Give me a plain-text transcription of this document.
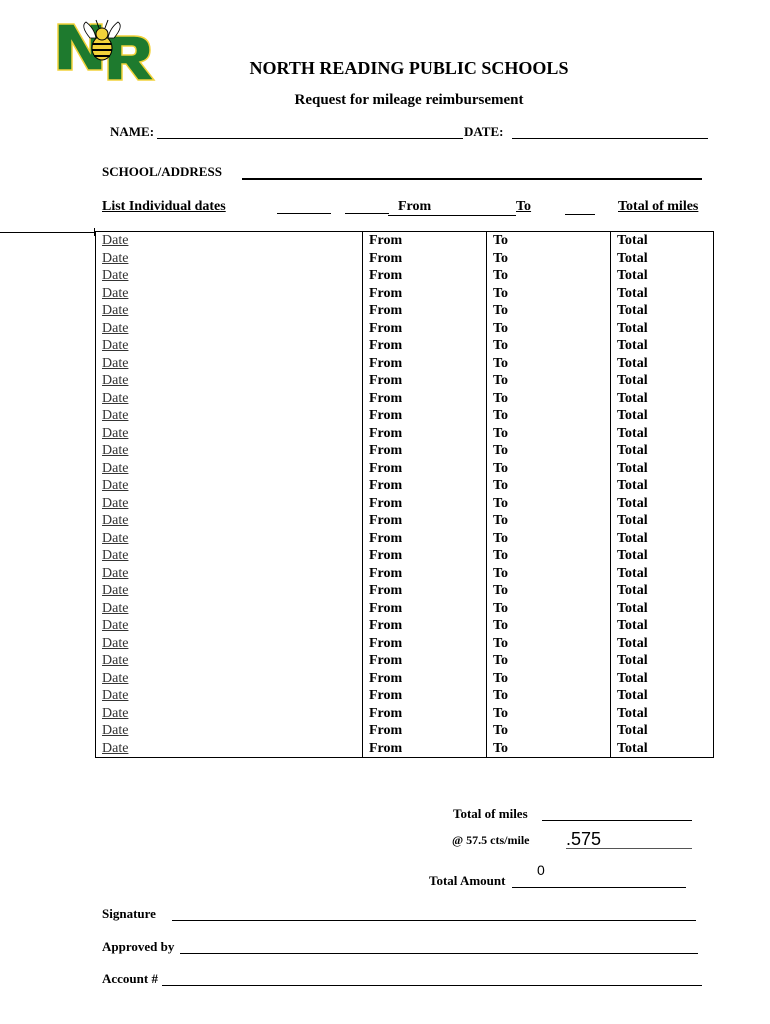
NORTH READING PUBLIC SCHOOLS
Request for mileage reimbursement
NAME:	DATE:
SCHOOL/ADDRESS
List Individual dates	From	To	Total of miles
Date	From	To	Total
Date	From	To	Total
Date	From	To	Total
Date	From	To	Total
Date	From	To	Total
Date	From	To	Total
Date	From	To	Total
Date	From	To	Total
Date	From	To	Total
Date	From	To	Total
Date	From	To	Total
Date	From	To	Total
Date	From	To	Total
Date	From	To	Total
Date	From	To	Total
Date	From	To	Total
Date	From	To	Total
Date	From	To	Total
Date	From	To	Total
Date	From	To	Total
Date	From	To	Total
Date	From	To	Total
Date	From	To	Total
Date	From	To	Total
Date	From	To	Total
Date	From	To	Total
Date	From	To	Total
Date	From	To	Total
Date	From	To	Total
Date	From	To	Total
Total of miles
@ 57.5 cts/mile .575
0
Total Amount
Signature
Approved by
Account #
